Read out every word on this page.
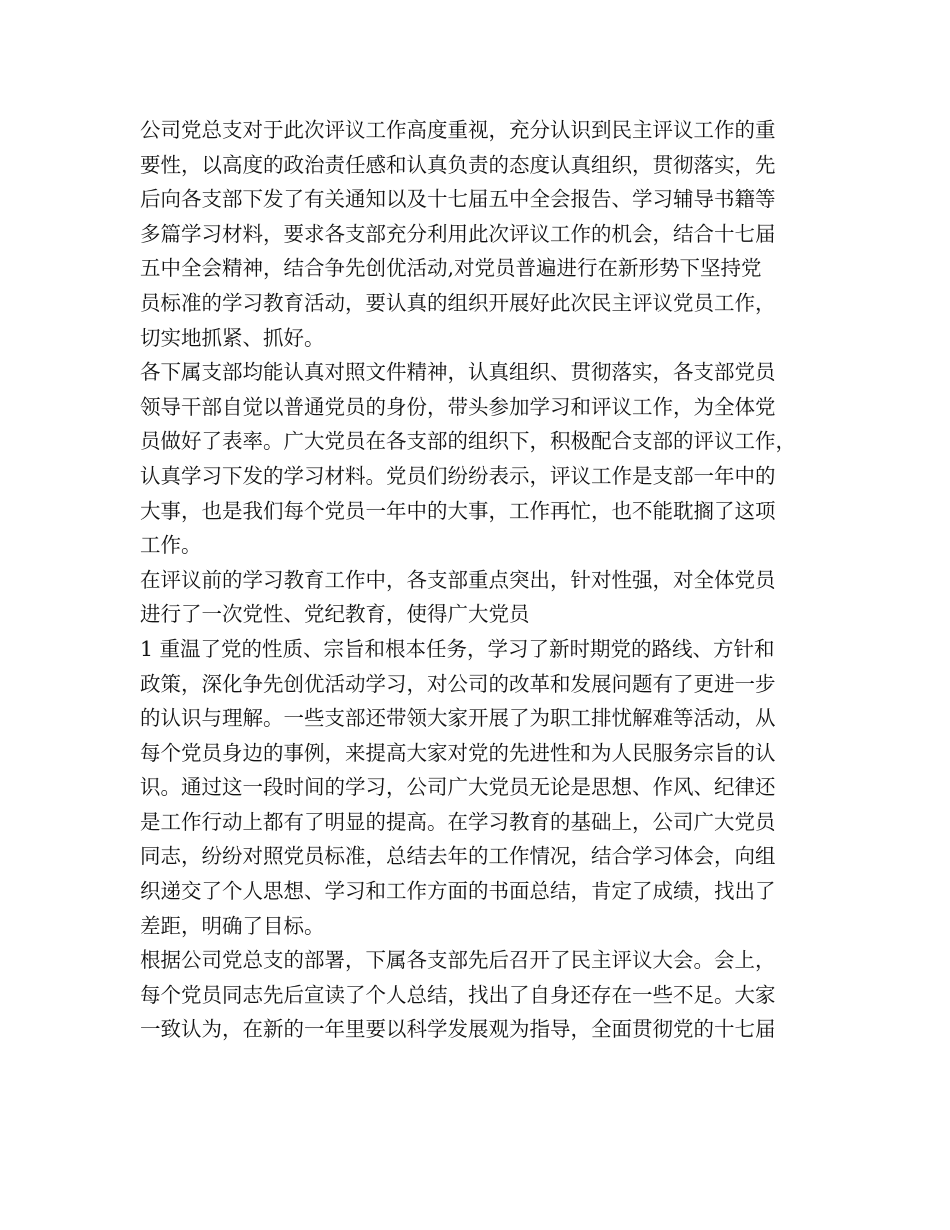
公司党总支对于此次评议工作高度重视，充分认识到民主评议工作的重
要性，以高度的政治责任感和认真负责的态度认真组织，贯彻落实，先
后向各支部下发了有关通知以及十七届五中全会报告、学习辅导书籍等
多篇学习材料，要求各支部充分利用此次评议工作的机会，结合十七届
五中全会精神，结合争先创优活动,对党员普遍进行在新形势下坚持党
员标准的学习教育活动，要认真的组织开展好此次民主评议党员工作，
切实地抓紧、抓好。

各下属支部均能认真对照文件精神，认真组织、贯彻落实，各支部党员
领导干部自觉以普通党员的身份，带头参加学习和评议工作，为全体党
员做好了表率。广大党员在各支部的组织下，积极配合支部的评议工作，
认真学习下发的学习材料。党员们纷纷表示，评议工作是支部一年中的
大事，也是我们每个党员一年中的大事，工作再忙，也不能耽搁了这项
工作。

在评议前的学习教育工作中，各支部重点突出，针对性强，对全体党员
进行了一次党性、党纪教育，使得广大党员

1 重温了党的性质、宗旨和根本任务，学习了新时期党的路线、方针和
政策，深化争先创优活动学习，对公司的改革和发展问题有了更进一步
的认识与理解。一些支部还带领大家开展了为职工排忧解难等活动，从
每个党员身边的事例，来提高大家对党的先进性和为人民服务宗旨的认
识。通过这一段时间的学习，公司广大党员无论是思想、作风、纪律还
是工作行动上都有了明显的提高。在学习教育的基础上，公司广大党员
同志，纷纷对照党员标准，总结去年的工作情况，结合学习体会，向组
织递交了个人思想、学习和工作方面的书面总结，肯定了成绩，找出了
差距，明确了目标。

根据公司党总支的部署，下属各支部先后召开了民主评议大会。会上，
每个党员同志先后宣读了个人总结，找出了自身还存在一些不足。大家
一致认为，在新的一年里要以科学发展观为指导，全面贯彻党的十七届
